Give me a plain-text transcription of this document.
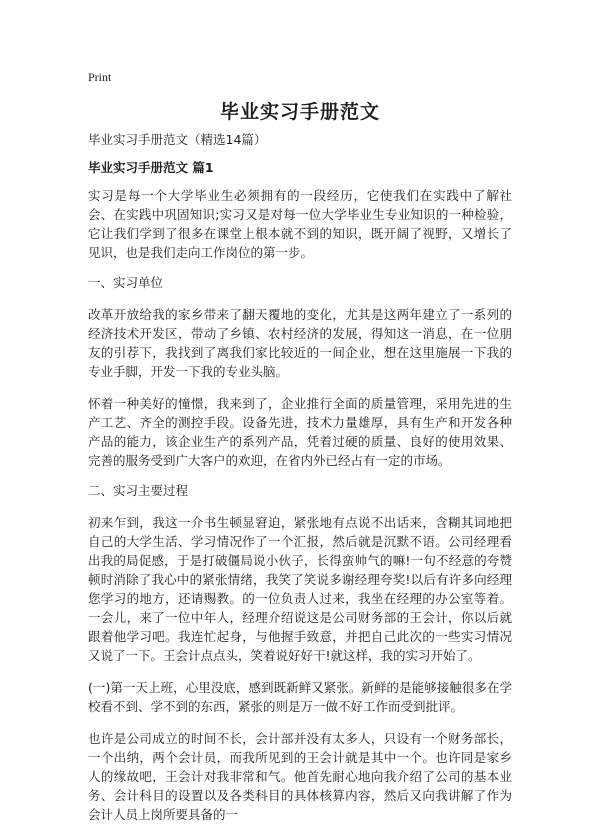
Print
毕业实习手册范文

毕业实习手册范文（精选14篇）

毕业实习手册范文 篇1

实习是每一个大学毕业生必须拥有的一段经历，它使我们在实践中了解社会、在实践中巩固知识;实习又是对每一位大学毕业生专业知识的一种检验，它让我们学到了很多在课堂上根本就不到的知识，既开阔了视野，又增长了见识，也是我们走向工作岗位的第一步。

一、实习单位

改革开放给我的家乡带来了翻天覆地的变化，尤其是这两年建立了一系列的经济技术开发区，带动了乡镇、农村经济的发展，得知这一消息，在一位朋友的引荐下，我找到了离我们家比较近的一间企业，想在这里施展一下我的专业手脚，开发一下我的专业头脑。

怀着一种美好的憧憬，我来到了，企业推行全面的质量管理，采用先进的生产工艺、齐全的测控手段。设备先进，技术力量雄厚，具有生产和开发各种产品的能力，该企业生产的系列产品，凭着过硬的质量、良好的使用效果、完善的服务受到广大客户的欢迎，在省内外已经占有一定的市场。

二、实习主要过程

初来乍到，我这一介书生顿显窘迫，紧张地有点说不出话来，含糊其词地把自己的大学生活、学习情况作了一个汇报，然后就是沉默不语。公司经理看出我的局促感，于是打破僵局说小伙子，长得蛮帅气的嘛!一句不经意的夸赞顿时消除了我心中的紧张情绪，我笑了笑说多谢经理夸奖!以后有许多向经理您学习的地方，还请赐教。的一位负责人过来，我坐在经理的办公室等着。一会儿，来了一位中年人，经理介绍说这是公司财务部的王会计，你以后就跟着他学习吧。我连忙起身，与他握手致意，并把自己此次的一些实习情况又说了一下。王会计点点头，笑着说好好干!就这样，我的实习开始了。

(一)第一天上班，心里没底，感到既新鲜又紧张。新鲜的是能够接触很多在学校看不到、学不到的东西，紧张的则是万一做不好工作而受到批评。

也许是公司成立的时间不长，会计部并没有太多人，只设有一个财务部长，一个出纳，两个会计员，而我所见到的王会计就是其中一个。也许同是家乡人的缘故吧，王会计对我非常和气。他首先耐心地向我介绍了公司的基本业务、会计科目的设置以及各类科目的具体核算内容，然后又向我讲解了作为会计人员上岗所要具备的一
